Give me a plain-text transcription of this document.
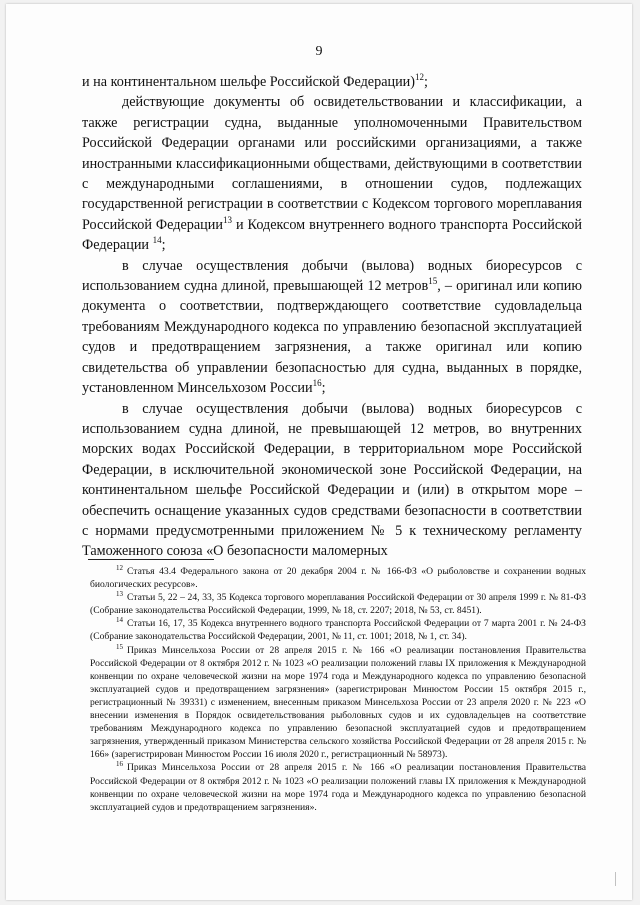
9

и на континентальном шельфе Российской Федерации)$^{12}$;

действующие документы об освидетельствовании и классификации, а также регистрации судна, выданные уполномоченными Правительством Российской Федерации органами или российскими организациями, а также иностранными классификационными обществами, действующими в соответствии с международными соглашениями, в отношении судов, подлежащих государственной регистрации в соответствии с Кодексом торгового мореплавания Российской Федерации$^{13}$ и Кодексом внутреннего водного транспорта Российской Федерации $^{14}$;

в случае осуществления добычи (вылова) водных биоресурсов с использованием судна длиной, превышающей 12 метров$^{15}$, – оригинал или копию документа о соответствии, подтверждающего соответствие судовладельца требованиям Международного кодекса по управлению безопасной эксплуатацией судов и предотвращением загрязнения, а также оригинал или копию свидетельства об управлении безопасностью для судна, выданных в порядке, установленном Минсельхозом России$^{16}$;

в случае осуществления добычи (вылова) водных биоресурсов с использованием судна длиной, не превышающей 12 метров, во внутренних морских водах Российской Федерации, в территориальном море Российской Федерации, в исключительной экономической зоне Российской Федерации, на континентальном шельфе Российской Федерации и (или) в открытом море – обеспечить оснащение указанных судов средствами безопасности в соответствии с нормами предусмотренными приложением № 5 к техническому регламенту Таможенного союза «О безопасности маломерных

$^{12}$ Статья 43.4 Федерального закона от 20 декабря 2004 г. № 166-ФЗ «О рыболовстве и сохранении водных биологических ресурсов».

$^{13}$ Статьи 5, 22 – 24, 33, 35 Кодекса торгового мореплавания Российской Федерации от 30 апреля 1999 г. № 81-ФЗ (Собрание законодательства Российской Федерации, 1999, № 18, ст. 2207; 2018, № 53, ст. 8451).

$^{14}$ Статьи 16, 17, 35 Кодекса внутреннего водного транспорта Российской Федерации от 7 марта 2001 г. № 24-ФЗ (Собрание законодательства Российской Федерации, 2001, № 11, ст. 1001; 2018, № 1, ст. 34).

$^{15}$ Приказ Минсельхоза России от 28 апреля 2015 г. № 166 «О реализации постановления Правительства Российской Федерации от 8 октября 2012 г. № 1023 «О реализации положений главы IX приложения к Международной конвенции по охране человеческой жизни на море 1974 года и Международного кодекса по управлению безопасной эксплуатацией судов и предотвращением загрязнения» (зарегистрирован Минюстом России 15 октября 2015 г., регистрационный № 39331) с изменением, внесенным приказом Минсельхоза России от 23 апреля 2020 г. № 223 «О внесении изменения в Порядок освидетельствования рыболовных судов и их судовладельцев на соответствие требованиям Международного кодекса по управлению безопасной эксплуатацией судов и предотвращением загрязнения, утвержденный приказом Министерства сельского хозяйства Российской Федерации от 28 апреля 2015 г. № 166» (зарегистрирован Минюстом России 16 июля 2020 г., регистрационный № 58973).

$^{16}$ Приказ Минсельхоза России от 28 апреля 2015 г. № 166 «О реализации постановления Правительства Российской Федерации от 8 октября 2012 г. № 1023 «О реализации положений главы IX приложения к Международной конвенции по охране человеческой жизни на море 1974 года и Международного кодекса по управлению безопасной эксплуатацией судов и предотвращением загрязнения».
